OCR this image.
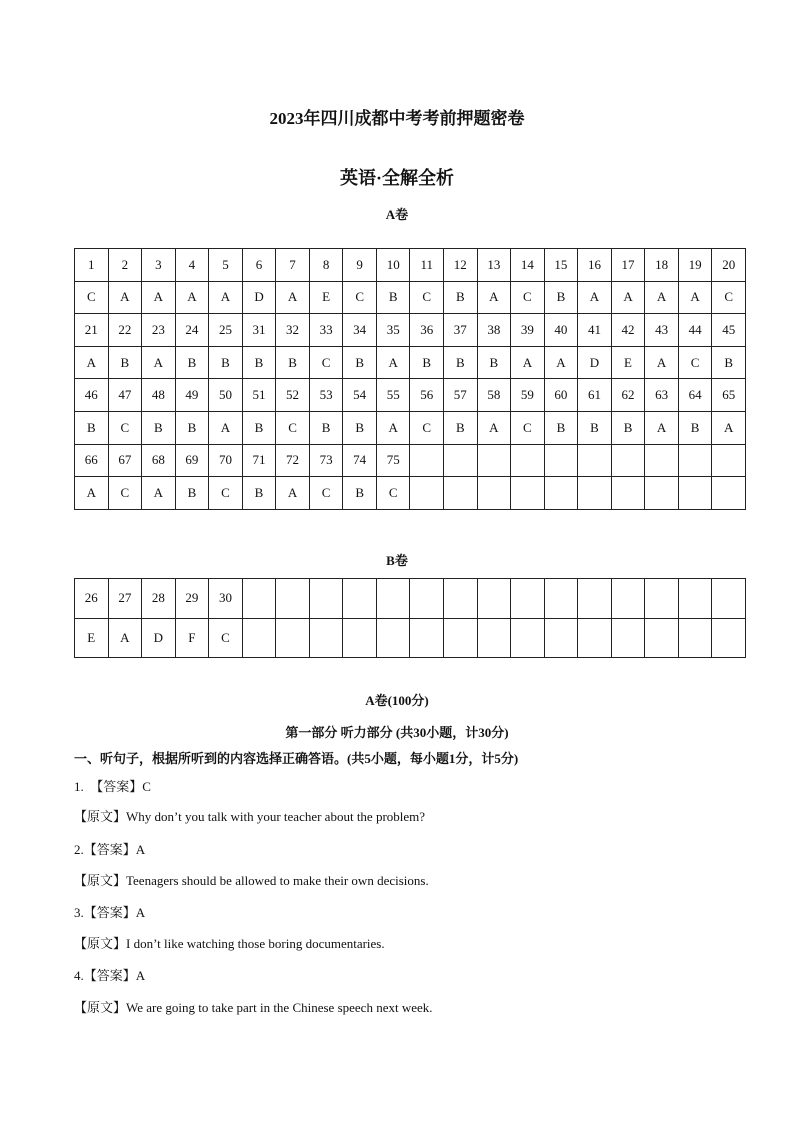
2023年四川成都中考考前押题密卷
英语·全解全析
A卷
1	2	3	4	5	6	7	8	9	10	11	12	13	14	15	16	17	18	19	20
C	A	A	A	A	D	A	E	C	B	C	B	A	C	B	A	A	A	A	C
21	22	23	24	25	31	32	33	34	35	36	37	38	39	40	41	42	43	44	45
A	B	A	B	B	B	B	C	B	A	B	B	B	A	A	D	E	A	C	B
46	47	48	49	50	51	52	53	54	55	56	57	58	59	60	61	62	63	64	65
B	C	B	B	A	B	C	B	B	A	C	B	A	C	B	B	B	A	B	A
66	67	68	69	70	71	72	73	74	75										
A	C	A	B	C	B	A	C	B	C										
B卷
26	27	28	29	30															
E	A	D	F	C															
A卷(100分)
第一部分 听力部分 (共30小题，计30分)
一、听句子，根据所听到的内容选择正确答语。(共5小题，每小题1分，计5分)
1.　【答案】C
【原文】Why don’t you talk with your teacher about the problem?
2.【答案】A
【原文】Teenagers should be allowed to make their own decisions.
3.【答案】A
【原文】I don’t like watching those boring documentaries.
4.【答案】A
【原文】We are going to take part in the Chinese speech next week.
